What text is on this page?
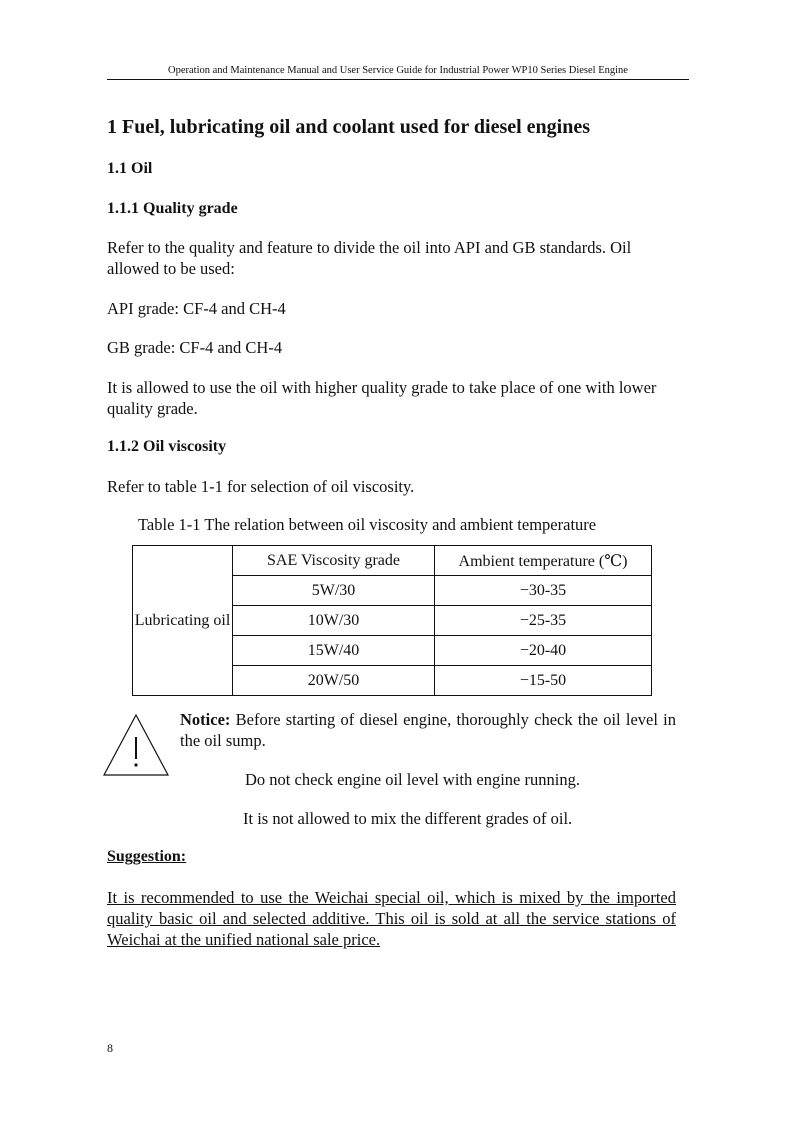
Operation and Maintenance Manual and User Service Guide for Industrial Power WP10 Series Diesel Engine
1 Fuel, lubricating oil and coolant used for diesel engines
1.1 Oil
1.1.1 Quality grade

Refer to the quality and feature to divide the oil into API and GB standards. Oil allowed to be used:

API grade: CF-4 and CH-4

GB grade: CF-4 and CH-4

It is allowed to use the oil with higher quality grade to take place of one with lower quality grade.

1.1.2 Oil viscosity

Refer to table 1-1 for selection of oil viscosity.

Table 1-1 The relation between oil viscosity and ambient temperature
Lubricating oil	SAE Viscosity grade	Ambient temperature (℃)
	5W/30	−30-35
	10W/30	−25-35
	15W/40	−20-40
	20W/50	−15-50
Notice: Before starting of diesel engine, thoroughly check the oil level in the oil sump.
Do not check engine oil level with engine running.
It is not allowed to mix the different grades of oil.
Suggestion:
It is recommended to use the Weichai special oil, which is mixed by the imported quality basic oil and selected additive. This oil is sold at all the service stations of Weichai at the unified national sale price.
8
